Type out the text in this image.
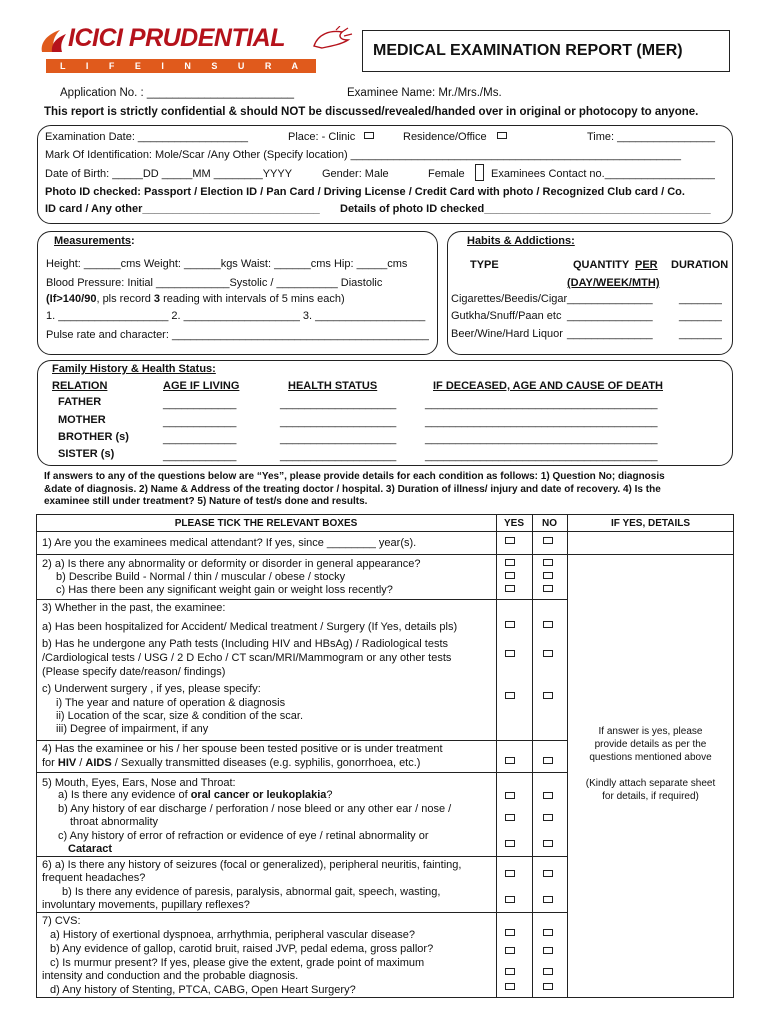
ICICI PRUDENTIAL
L I F E I N S U R A N C E
MEDICAL EXAMINATION REPORT (MER)
Application No. : _______________________	Examinee Name: Mr./Mrs./Ms.
This report is strictly confidential & should NOT be discussed/revealed/handed over in original or photocopy to anyone.
Examination Date: __________________	Place: - Clinic	Residence/Office	Time: ________________
Mark Of Identification: Mole/Scar /Any Other (Specify location) ______________________________________________________
Date of Birth: _____DD _____MM ________YYYY	Gender: Male	Female Examinees Contact no.__________________
Photo ID checked: Passport / Election ID / Pan Card / Driving License / Credit Card with photo / Recognized Club card / Co.
ID card / Any other_____________________________ Details of photo ID checked_____________________________________
Measurements:
Height: ______cms Weight: ______kgs Waist: ______cms Hip: _____cms
Blood Pressure: Initial ____________Systolic / __________ Diastolic
(If>140/90, pls record 3 reading with intervals of 5 mins each)
1. __________________ 2. ___________________ 3. __________________
Pulse rate and character: __________________________________________
Habits & Addictions:
TYPE	QUANTITY PER DURATION
(DAY/WEEK/MTH)
Cigarettes/Beedis/Cigar ______________ _______
Gutkha/Snuff/Paan etc ______________ _______
Beer/Wine/Hard Liquor ______________ _______
Family History & Health Status:
RELATION	AGE IF LIVING	HEALTH STATUS	IF DECEASED, AGE AND CAUSE OF DEATH
FATHER	____________	___________________	______________________________________
MOTHER	____________	___________________	______________________________________
BROTHER (s)	____________	___________________	______________________________________
SISTER (s)	____________	___________________	______________________________________
If answers to any of the questions below are “Yes”, please provide details for each condition as follows: 1) Question No; diagnosis
&date of diagnosis. 2) Name & Address of the treating doctor / hospital. 3) Duration of illness/ injury and date of recovery. 4) Is the
examinee still under treatment? 5) Nature of test/s done and results.
PLEASE TICK THE RELEVANT BOXES	YES	NO	IF YES, DETAILS
If answer is yes, please
provide details as per the
questions mentioned above
(Kindly attach separate sheet
for details, if required)
1) Are you the examinees medical attendant? If yes, since ________ year(s).
2) a) Is there any abnormality or deformity or disorder in general appearance?
b) Describe Build - Normal / thin / muscular / obese / stocky
c) Has there been any significant weight gain or weight loss recently?
3) Whether in the past, the examinee:
a) Has been hospitalized for Accident/ Medical treatment / Surgery (If Yes, details pls)
b) Has he undergone any Path tests (Including HIV and HBsAg) / Radiological tests
/Cardiological tests / USG / 2 D Echo / CT scan/MRI/Mammogram or any other tests
(Please specify date/reason/ findings)
c) Underwent surgery , if yes, please specify:
i) The year and nature of operation & diagnosis
ii) Location of the scar, size & condition of the scar.
iii) Degree of impairment, if any
4) Has the examinee or his / her spouse been tested positive or is under treatment
for HIV / AIDS / Sexually transmitted diseases (e.g. syphilis, gonorrhoea, etc.)
5) Mouth, Eyes, Ears, Nose and Throat:
a) Is there any evidence of oral cancer or leukoplakia?
b) Any history of ear discharge / perforation / nose bleed or any other ear / nose /
throat abnormality
c) Any history of error of refraction or evidence of eye / retinal abnormality or
Cataract
6) a) Is there any history of seizures (focal or generalized), peripheral neuritis, fainting,
frequent headaches?
b) Is there any evidence of paresis, paralysis, abnormal gait, speech, wasting,
involuntary movements, pupillary reflexes?
7) CVS:
a) History of exertional dyspnoea, arrhythmia, peripheral vascular disease?
b) Any evidence of gallop, carotid bruit, raised JVP, pedal edema, gross pallor?
c) Is murmur present? If yes, please give the extent, grade point of maximum
intensity and conduction and the probable diagnosis.
d) Any history of Stenting, PTCA, CABG, Open Heart Surgery?
